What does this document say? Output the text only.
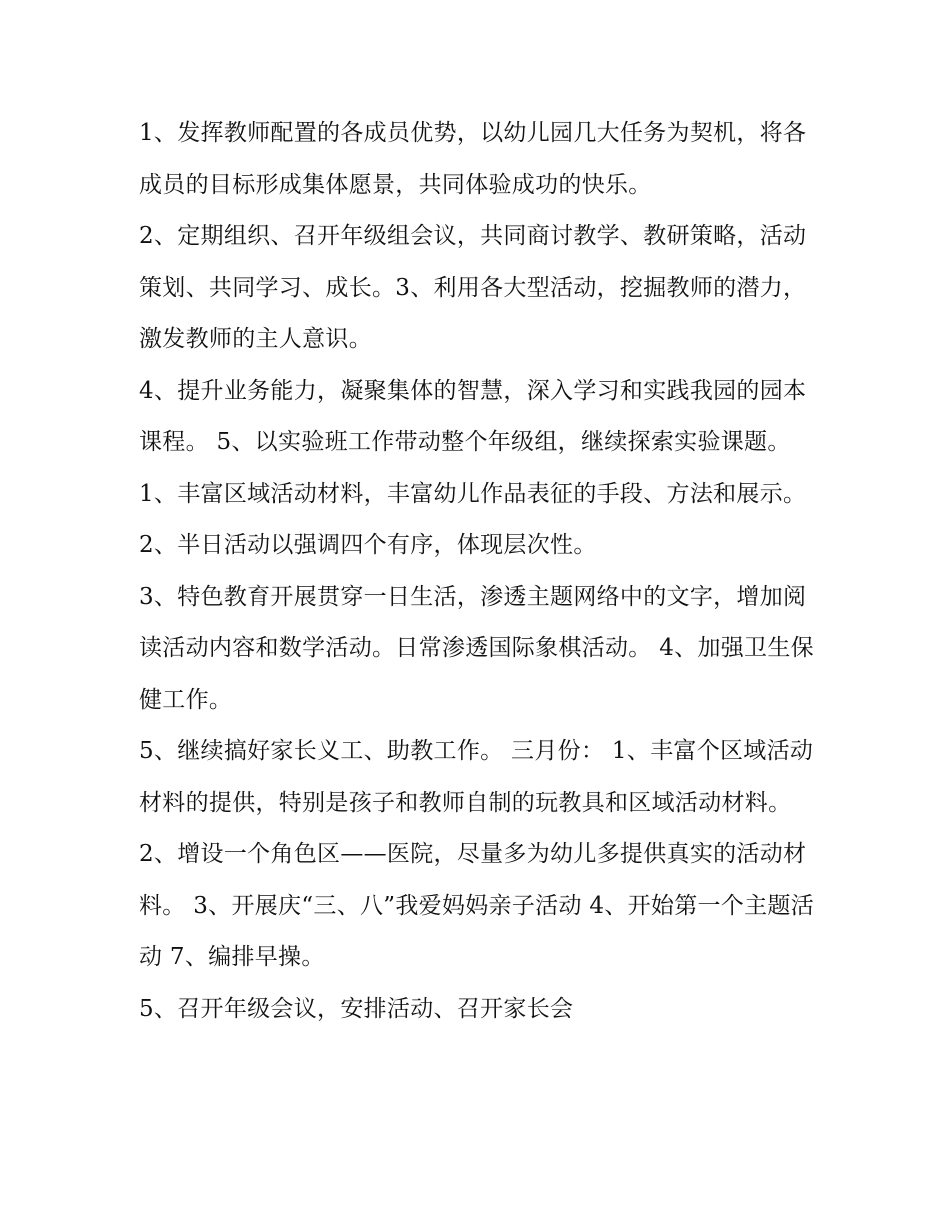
1、发挥教师配置的各成员优势，以幼儿园几大任务为契机，将各成员的目标形成集体愿景，共同体验成功的快乐。

2、定期组织、召开年级组会议，共同商讨教学、教研策略，活动策划、共同学习、成长。3、利用各大型活动，挖掘教师的潜力，激发教师的主人意识。

4、提升业务能力，凝聚集体的智慧，深入学习和实践我园的园本课程。 5、以实验班工作带动整个年级组，继续探索实验课题。

1、丰富区域活动材料，丰富幼儿作品表征的手段、方法和展示。 2、半日活动以强调四个有序，体现层次性。

3、特色教育开展贯穿一日生活，渗透主题网络中的文字，增加阅读活动内容和数学活动。日常渗透国际象棋活动。 4、加强卫生保健工作。

5、继续搞好家长义工、助教工作。 三月份： 1、丰富个区域活动材料的提供，特别是孩子和教师自制的玩教具和区域活动材料。

2、增设一个角色区——医院，尽量多为幼儿多提供真实的活动材料。 3、开展庆“三、八”我爱妈妈亲子活动 4、开始第一个主题活动 7、编排早操。

5、召开年级会议，安排活动、召开家长会
